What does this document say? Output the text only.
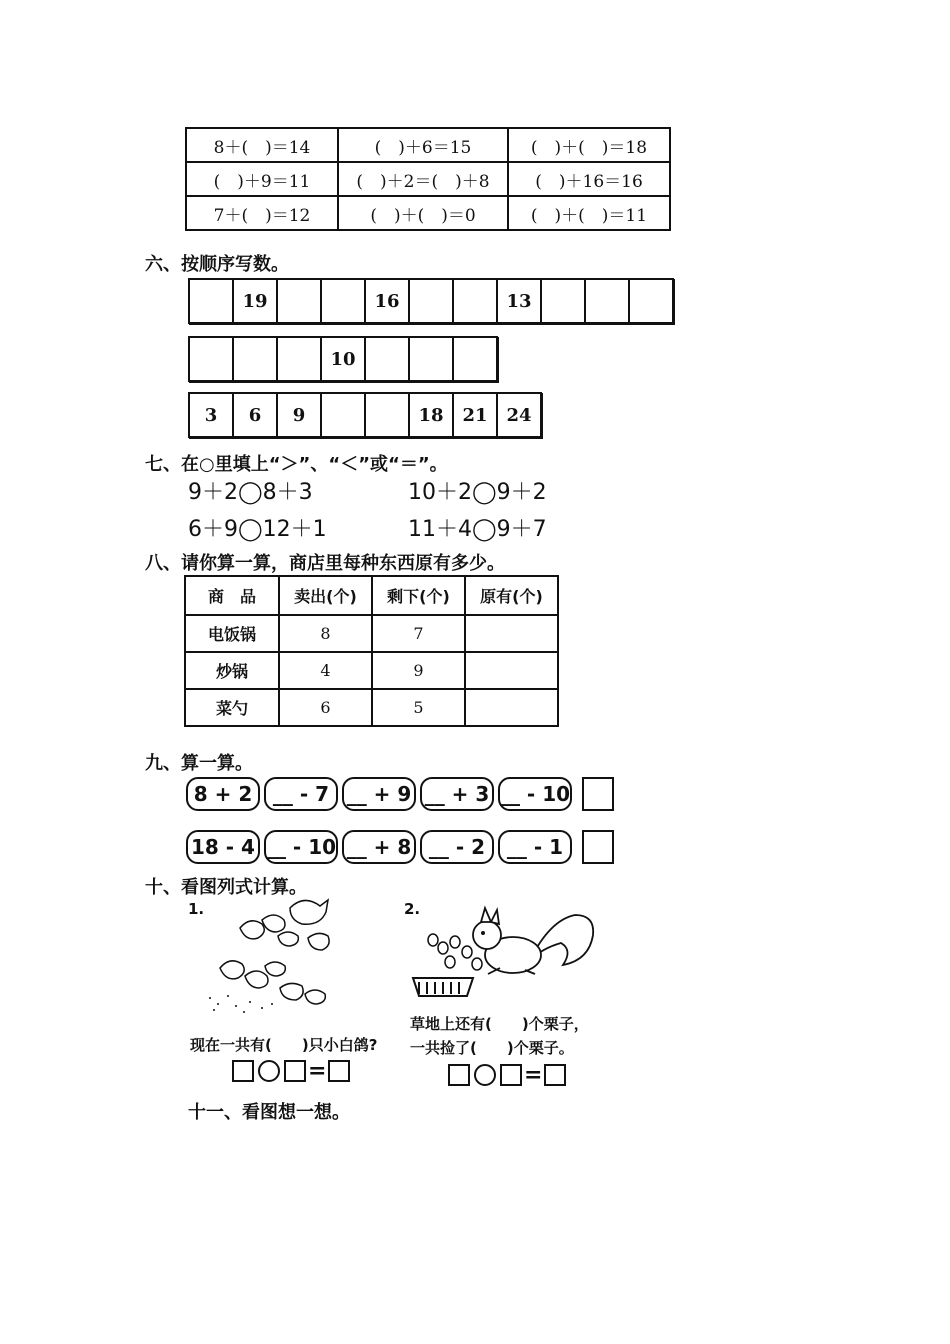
8＋(　)＝14	(　)＋6＝15	(　)＋(　)＝18
(　)＋9＝11	(　)＋2＝(　)＋8	(　)＋16＝16
7＋(　)＝12	(　)＋(　)＝0	(　)＋(　)＝11
六、按顺序写数。
19	16	13
10
3	6	9	18	21	24
七、在○里填上“＞”、“＜”或“＝”。
9＋2◯8＋3	10＋2◯9＋2
6＋9◯12＋1	11＋4◯9＋7
八、请你算一算，商店里每种东西原有多少。
商　品	卖出(个)	剩下(个)	原有(个)
电饭锅	8	7	
炒锅	4	9	
菜勺	6	5	
九、算一算。
8 + 2	__ - 7 __ + 9 __ + 3 __ - 10
18 - 4 __ - 10 __ + 8 __ - 2	__ - 1
十、看图列式计算。
1.
现在一共有(　　)只小白鸽?
=
2.
草地上还有(　　)个栗子，
一共捡了(　　)个栗子。
=
十一、看图想一想。
